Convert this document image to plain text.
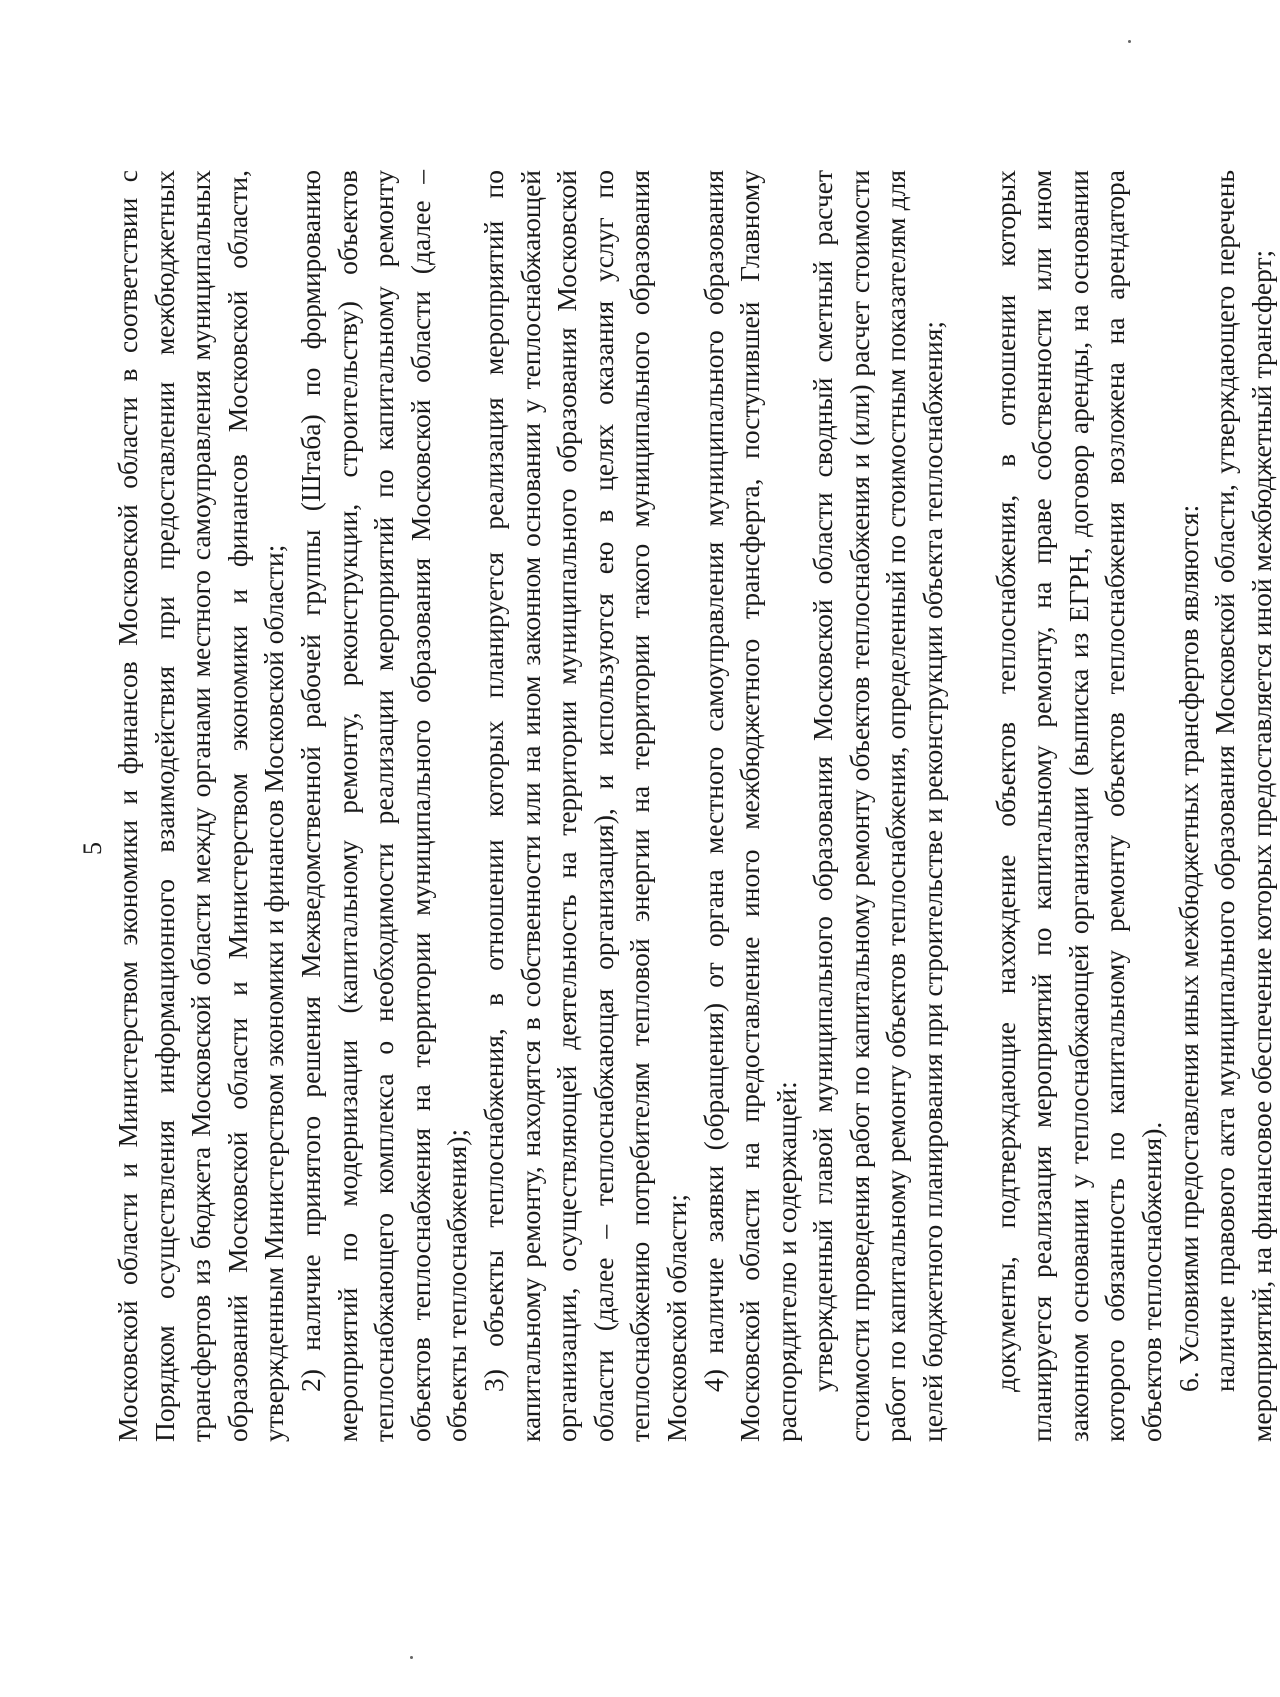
5 Московской области и Министерством экономики и финансов Московской области в соответствии с Порядком осуществления информационного взаимодействия при предоставлении межбюджетных трансфертов из бюджета Московской области между органами местного самоуправления муниципальных образований Московской области и Министерством экономики и финансов Московской области, утвержденным Министерством экономики и финансов Московской области; 2) наличие принятого решения Межведомственной рабочей группы (Штаба) по формированию мероприятий по модернизации (капитальному ремонту, реконструкции, строительству) объектов теплоснабжающего комплекса о необходимости реализации мероприятий по капитальному ремонту объектов теплоснабжения на территории муниципального образования Московской области (далее – объекты теплоснабжения); 3) объекты теплоснабжения, в отношении которых планируется реализация мероприятий по капитальному ремонту, находятся в собственности или на ином законном основании у теплоснабжающей организации, осуществляющей деятельность на территории муниципального образования Московской области (далее – теплоснабжающая организация), и используются ею в целях оказания услуг по теплоснабжению потребителям тепловой энергии на территории такого муниципального образования Московской области; 4) наличие заявки (обращения) от органа местного самоуправления муниципального образования Московской области на предоставление иного межбюджетного трансферта, поступившей Главному распорядителю и содержащей: утвержденный главой муниципального образования Московской области сводный сметный расчет стоимости проведения работ по капитальному ремонту объектов теплоснабжения и (или) расчет стоимости работ по капитальному ремонту объектов теплоснабжения, определенный по стоимостным показателям для целей бюджетного планирования при строительстве и реконструкции объекта теплоснабжения; документы, подтверждающие нахождение объектов теплоснабжения, в отношении которых планируется реализация мероприятий по капитальному ремонту, на праве собственности или ином законном основании у теплоснабжающей организации (выписка из ЕГРН, договор аренды, на основании которого обязанность по капитальному ремонту объектов теплоснабжения возложена на арендатора объектов теплоснабжения). 6. Условиями предоставления иных межбюджетных трансфертов являются: наличие правового акта муниципального образования Московской области, утверждающего перечень мероприятий, на финансовое обеспечение которых предоставляется иной межбюджетный трансферт;
